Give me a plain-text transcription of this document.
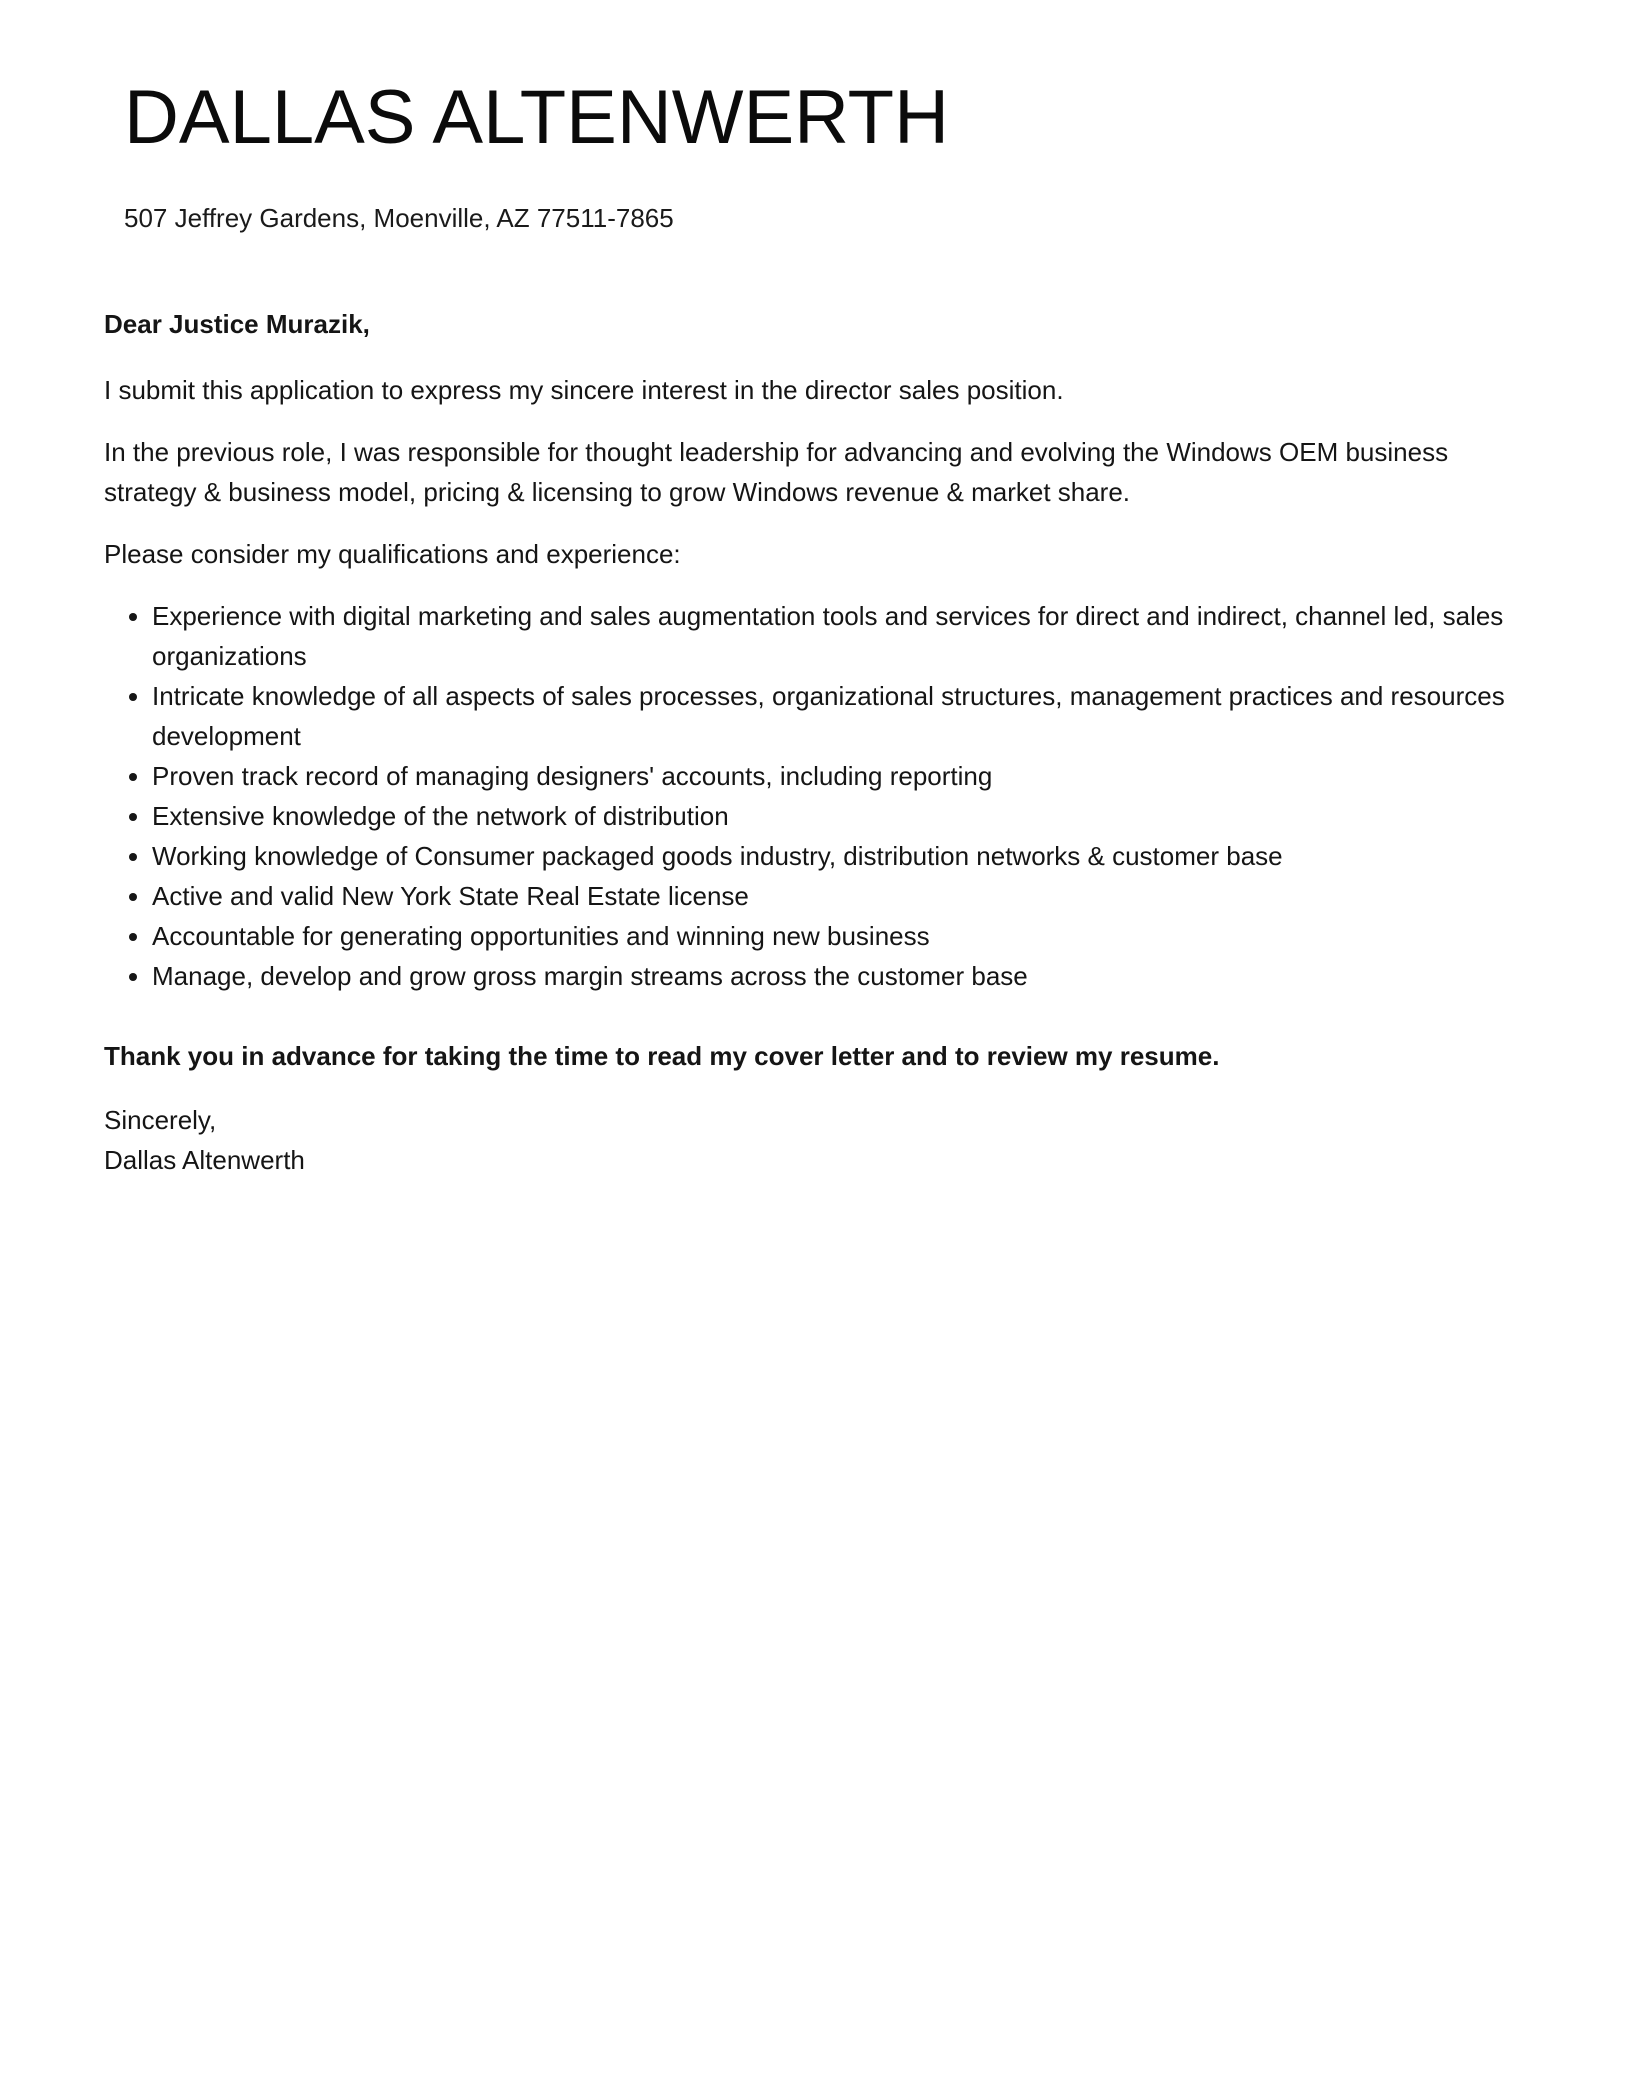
DALLAS ALTENWERTH
507 Jeffrey Gardens, Moenville, AZ 77511-7865

Dear Justice Murazik,

I submit this application to express my sincere interest in the director sales position.

In the previous role, I was responsible for thought leadership for advancing and evolving the Windows OEM business strategy & business model, pricing & licensing to grow Windows revenue & market share.

Please consider my qualifications and experience:

• Experience with digital marketing and sales augmentation tools and services for direct and indirect, channel led, sales organizations
• Intricate knowledge of all aspects of sales processes, organizational structures, management practices and resources development
• Proven track record of managing designers' accounts, including reporting
• Extensive knowledge of the network of distribution
• Working knowledge of Consumer packaged goods industry, distribution networks & customer base
• Active and valid New York State Real Estate license
• Accountable for generating opportunities and winning new business
• Manage, develop and grow gross margin streams across the customer base

Thank you in advance for taking the time to read my cover letter and to review my resume.

Sincerely,

Dallas Altenwerth
